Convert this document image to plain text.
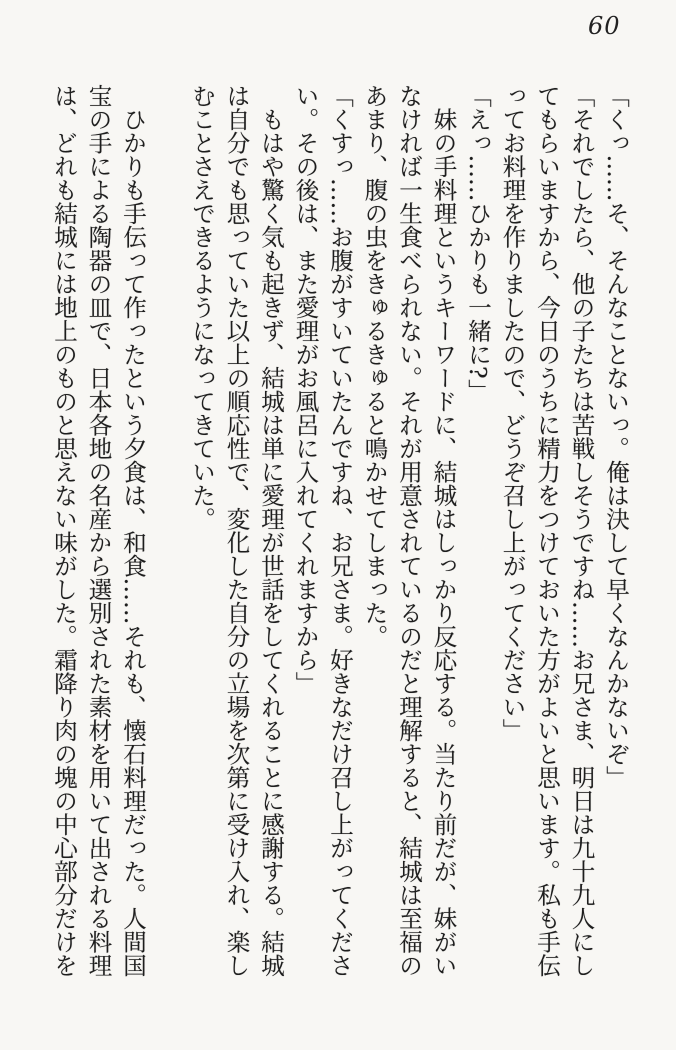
60
「くっ……そ、そんなことないっ。俺は決して早くなんかないぞ」
「それでしたら、他の子たちは苦戦しそうですね……お兄さま、明日は九十九人にし
てもらいますから、今日のうちに精力をつけておいた方がよいと思います。私も手伝
ってお料理を作りましたので、どうぞ召し上がってください」
「えっ……ひかりも一緒に?」
　妹の手料理というキーワードに、結城はしっかり反応する。当たり前だが、妹がい
なければ一生食べられない。それが用意されているのだと理解すると、結城は至福の
あまり、腹の虫をきゅるきゅると鳴かせてしまった。
「くすっ……お腹がすいていたんですね、お兄さま。好きなだけ召し上がってくださ
い。その後は、また愛理がお風呂に入れてくれますから」
　もはや驚く気も起きず、結城は単に愛理が世話をしてくれることに感謝する。結城
は自分でも思っていた以上の順応性で、変化した自分の立場を次第に受け入れ、楽し
むことさえできるようになってきていた。
　ひかりも手伝って作ったという夕食は、和食……それも、懐石料理だった。人間国
宝の手による陶器の皿で、日本各地の名産から選別された素材を用いて出される料理
は、どれも結城には地上のものと思えない味がした。霜降り肉の塊の中心部分だけを
